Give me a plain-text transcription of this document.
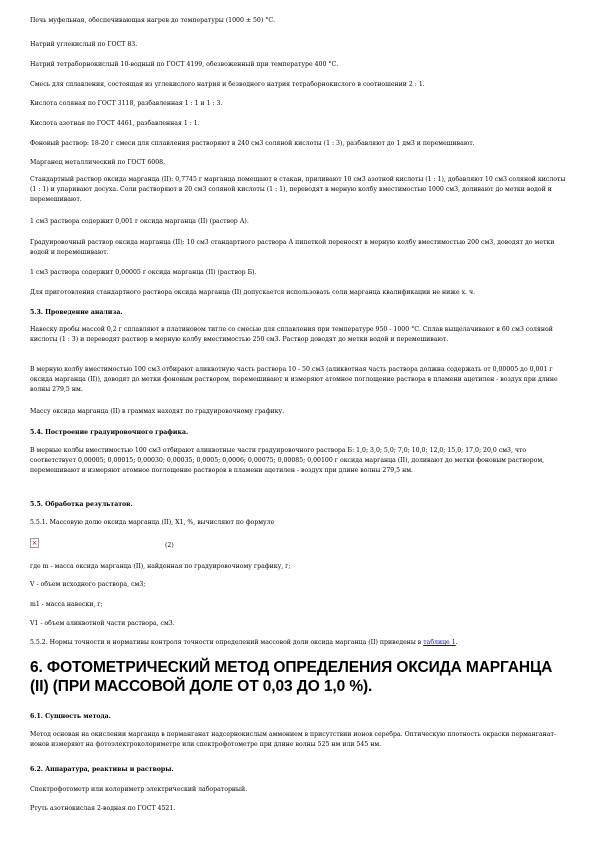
Печь муфельная, обеспечивающая нагрев до температуры (1000 ± 50) °С.

Натрий углекислый по ГОСТ 83.

Натрий тетраборнокислый 10-водный по ГОСТ 4199, обезвоженный при температуре 400 °С.

Смесь для сплавления, состоящая из углекислого натрия и безводного натрия тетраборнокислого в соотношении 2 : 1.

Кислота соляная по ГОСТ 3118, разбавленная 1 : 1 и 1 : 3.

Кислота азотная по ГОСТ 4461, разбавленная 1 : 1.

Фоновый раствор: 18-20 г смеси для сплавления растворяют в 240 см3 соляной кислоты (1 : 3), разбавляют до 1 дм3 и перемешивают.

Марганец металлический по ГОСТ 6008.

Стандартный раствор оксида марганца (II): 0,7745 г марганца помещают в стакан, приливают 10 см3 азотной кислоты (1 : 1), добавляют 10 см3 соляной кислоты (1 : 1) и упаривают досуха. Соли растворяют в 20 см3 соляной кислоты (1 : 1), переводят в мерную колбу вместимостью 1000 см3, доливают до метки водой и перемешивают.

1 см3 раствора содержит 0,001 г оксида марганца (II) (раствор А).

Градуировочный раствор оксида марганца (II): 10 см3 стандартного раствора А пипеткой переносят в мерную колбу вместимостью 200 см3, доводят до метки водой и перемешивают.

1 см3 раствора содержит 0,00005 г оксида марганца (II) (раствор Б).

Для приготовления стандартного раствора оксида марганца (II) допускается использовать соли марганца квалификации не ниже х. ч.

5.3. Проведение анализа.

Навеску пробы массой 0,2 г сплавляют в платиновом тигле со смесью для сплавления при температуре 950 - 1000 °С. Сплав выщелачивают в 60 см3 соляной кислоты (1 : 3) и переводят раствор в мерную колбу вместимостью 250 см3. Раствор доводят до метки водой и перемешивают.

В мерную колбу вместимостью 100 см3 отбирают аликвотную часть раствора 10 - 50 см3 (аликвотная часть раствора должна содержать от 0,00005 до 0,001 г оксида марганца (II)), доводят до метки фоновым раствором, перемешивают и измеряют атомное поглощение раствора в пламени ацетилен - воздух при длине волны 279,5 нм.

Массу оксида марганца (II) в граммах находят по градуировочному графику.

5.4. Построение градуировочного графика.

В мерные колбы вместимостью 100 см3 отбирают аликвотные части градуировочного раствора Б: 1,0; 3,0; 5,0; 7,0; 10,0; 12,0; 15,0; 17,0; 20,0 см3, что соответствует 0,00005; 0,00015; 0,00030; 0,00035; 0,0005; 0,0006; 0,00075; 0,00085; 0,00100 г оксида марганца (II), доливают до метки фоновым раствором, перемешивают и измеряют атомное поглощение растворов в пламени ацетилен - воздух при длине волны 279,5 нм.

5.5. Обработка результатов.

5.5.1. Массовую долю оксида марганца (II), Х1, %, вычисляют по формуле

×	(2)

где m - масса оксида марганца (II), найденная по градуировочному графику, г;

V - объем исходного раствора, см3;

m1 - масса навески, г;

V1 - объем аликвотной части раствора, см3.

5.5.2. Нормы точности и нормативы контроля точности определений массовой доли оксида марганца (II) приведены в таблице 1.

6. ФОТОМЕТРИЧЕСКИЙ МЕТОД ОПРЕДЕЛЕНИЯ ОКСИДА МАРГАНЦА (II) (ПРИ МАССОВОЙ ДОЛЕ ОТ 0,03 ДО 1,0 %).

6.1. Сущность метода.

Метод основан на окислении марганца в перманганат надсернокислым аммонием в присутствии ионов серебра. Оптическую плотность окраски перманганат-ионов измеряют на фотоэлектроколориметре или спектрофотометре при длине волны 525 нм или 545 нм.

6.2. Аппаратура, реактивы и растворы.

Спектрофотометр или колориметр электрический лабораторный.

Ртуть азотнокислая 2-водная по ГОСТ 4521.
